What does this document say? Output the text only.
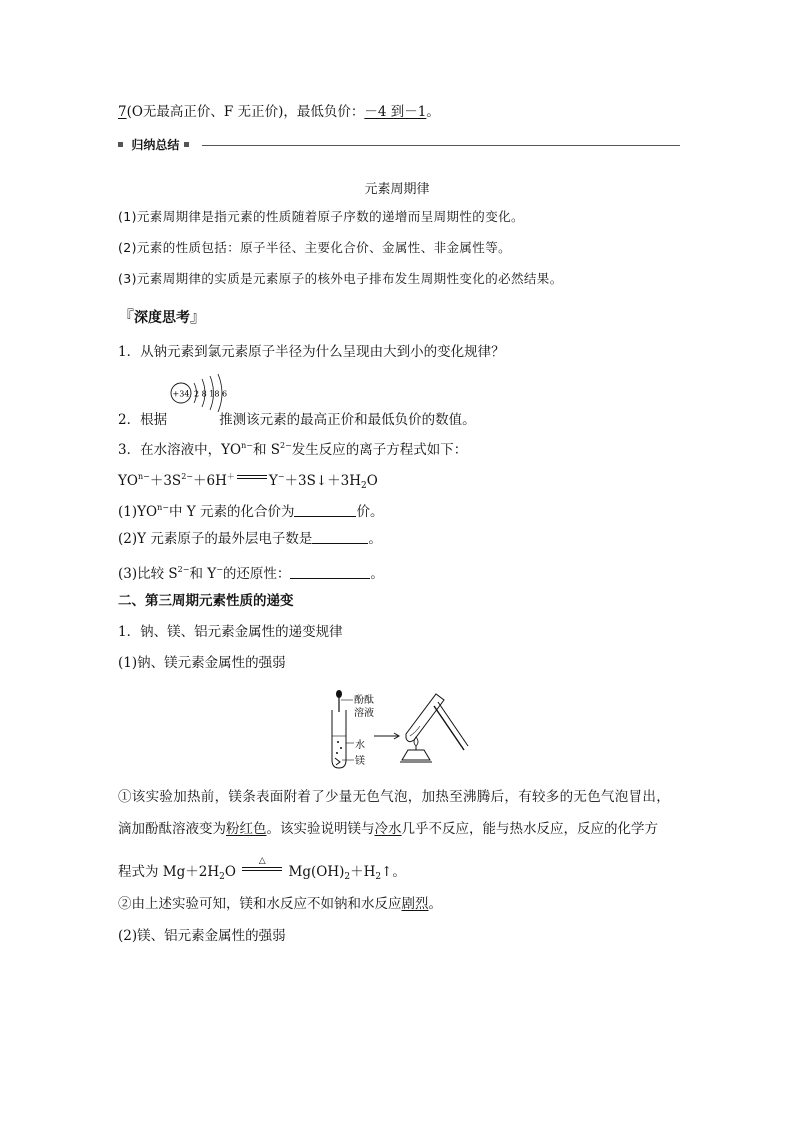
7(O无最高正价、F 无正价)，最低负价：－4 到－1。
归纳总结
元素周期律
(1)元素周期律是指元素的性质随着原子序数的递增而呈周期性的变化。
(2)元素的性质包括：原子半径、主要化合价、金属性、非金属性等。
(3)元素周期律的实质是元素原子的核外电子排布发生周期性变化的必然结果。
『深度思考』
1．从钠元素到氯元素原子半径为什么呈现由大到小的变化规律？
+34 2 8 18 6
2．根据	推测该元素的最高正价和最低负价的数值。
3．在水溶液中，$YO^{n-}$和 $S^{2-}$发生反应的离子方程式如下：
$YO^{n-}+3S^{2-}+6H^+$	$Y^-+3S↓+3H_2O$
$(1)YO^{n-}$中 Y 元素的化合价为	价。
(2)Y 元素原子的最外层电子数是	。
(3)比较 $S^{2-}$和 Y−的还原性：	。
二、第三周期元素性质的递变
1．钠、镁、铝元素金属性的递变规律
(1)钠、镁元素金属性的强弱
酚酞
溶液
水
镁
①该实验加热前，镁条表面附着了少量无色气泡，加热至沸腾后，有较多的无色气泡冒出，
滴加酚酞溶液变为粉红色。该实验说明镁与冷水几乎不反应，能与热水反应，反应的化学方
程式为 $Mg+2H_2O$
△
$Mg(OH)_2+H_2↑$。
②由上述实验可知，镁和水反应不如钠和水反应剧烈。
(2)镁、铝元素金属性的强弱
